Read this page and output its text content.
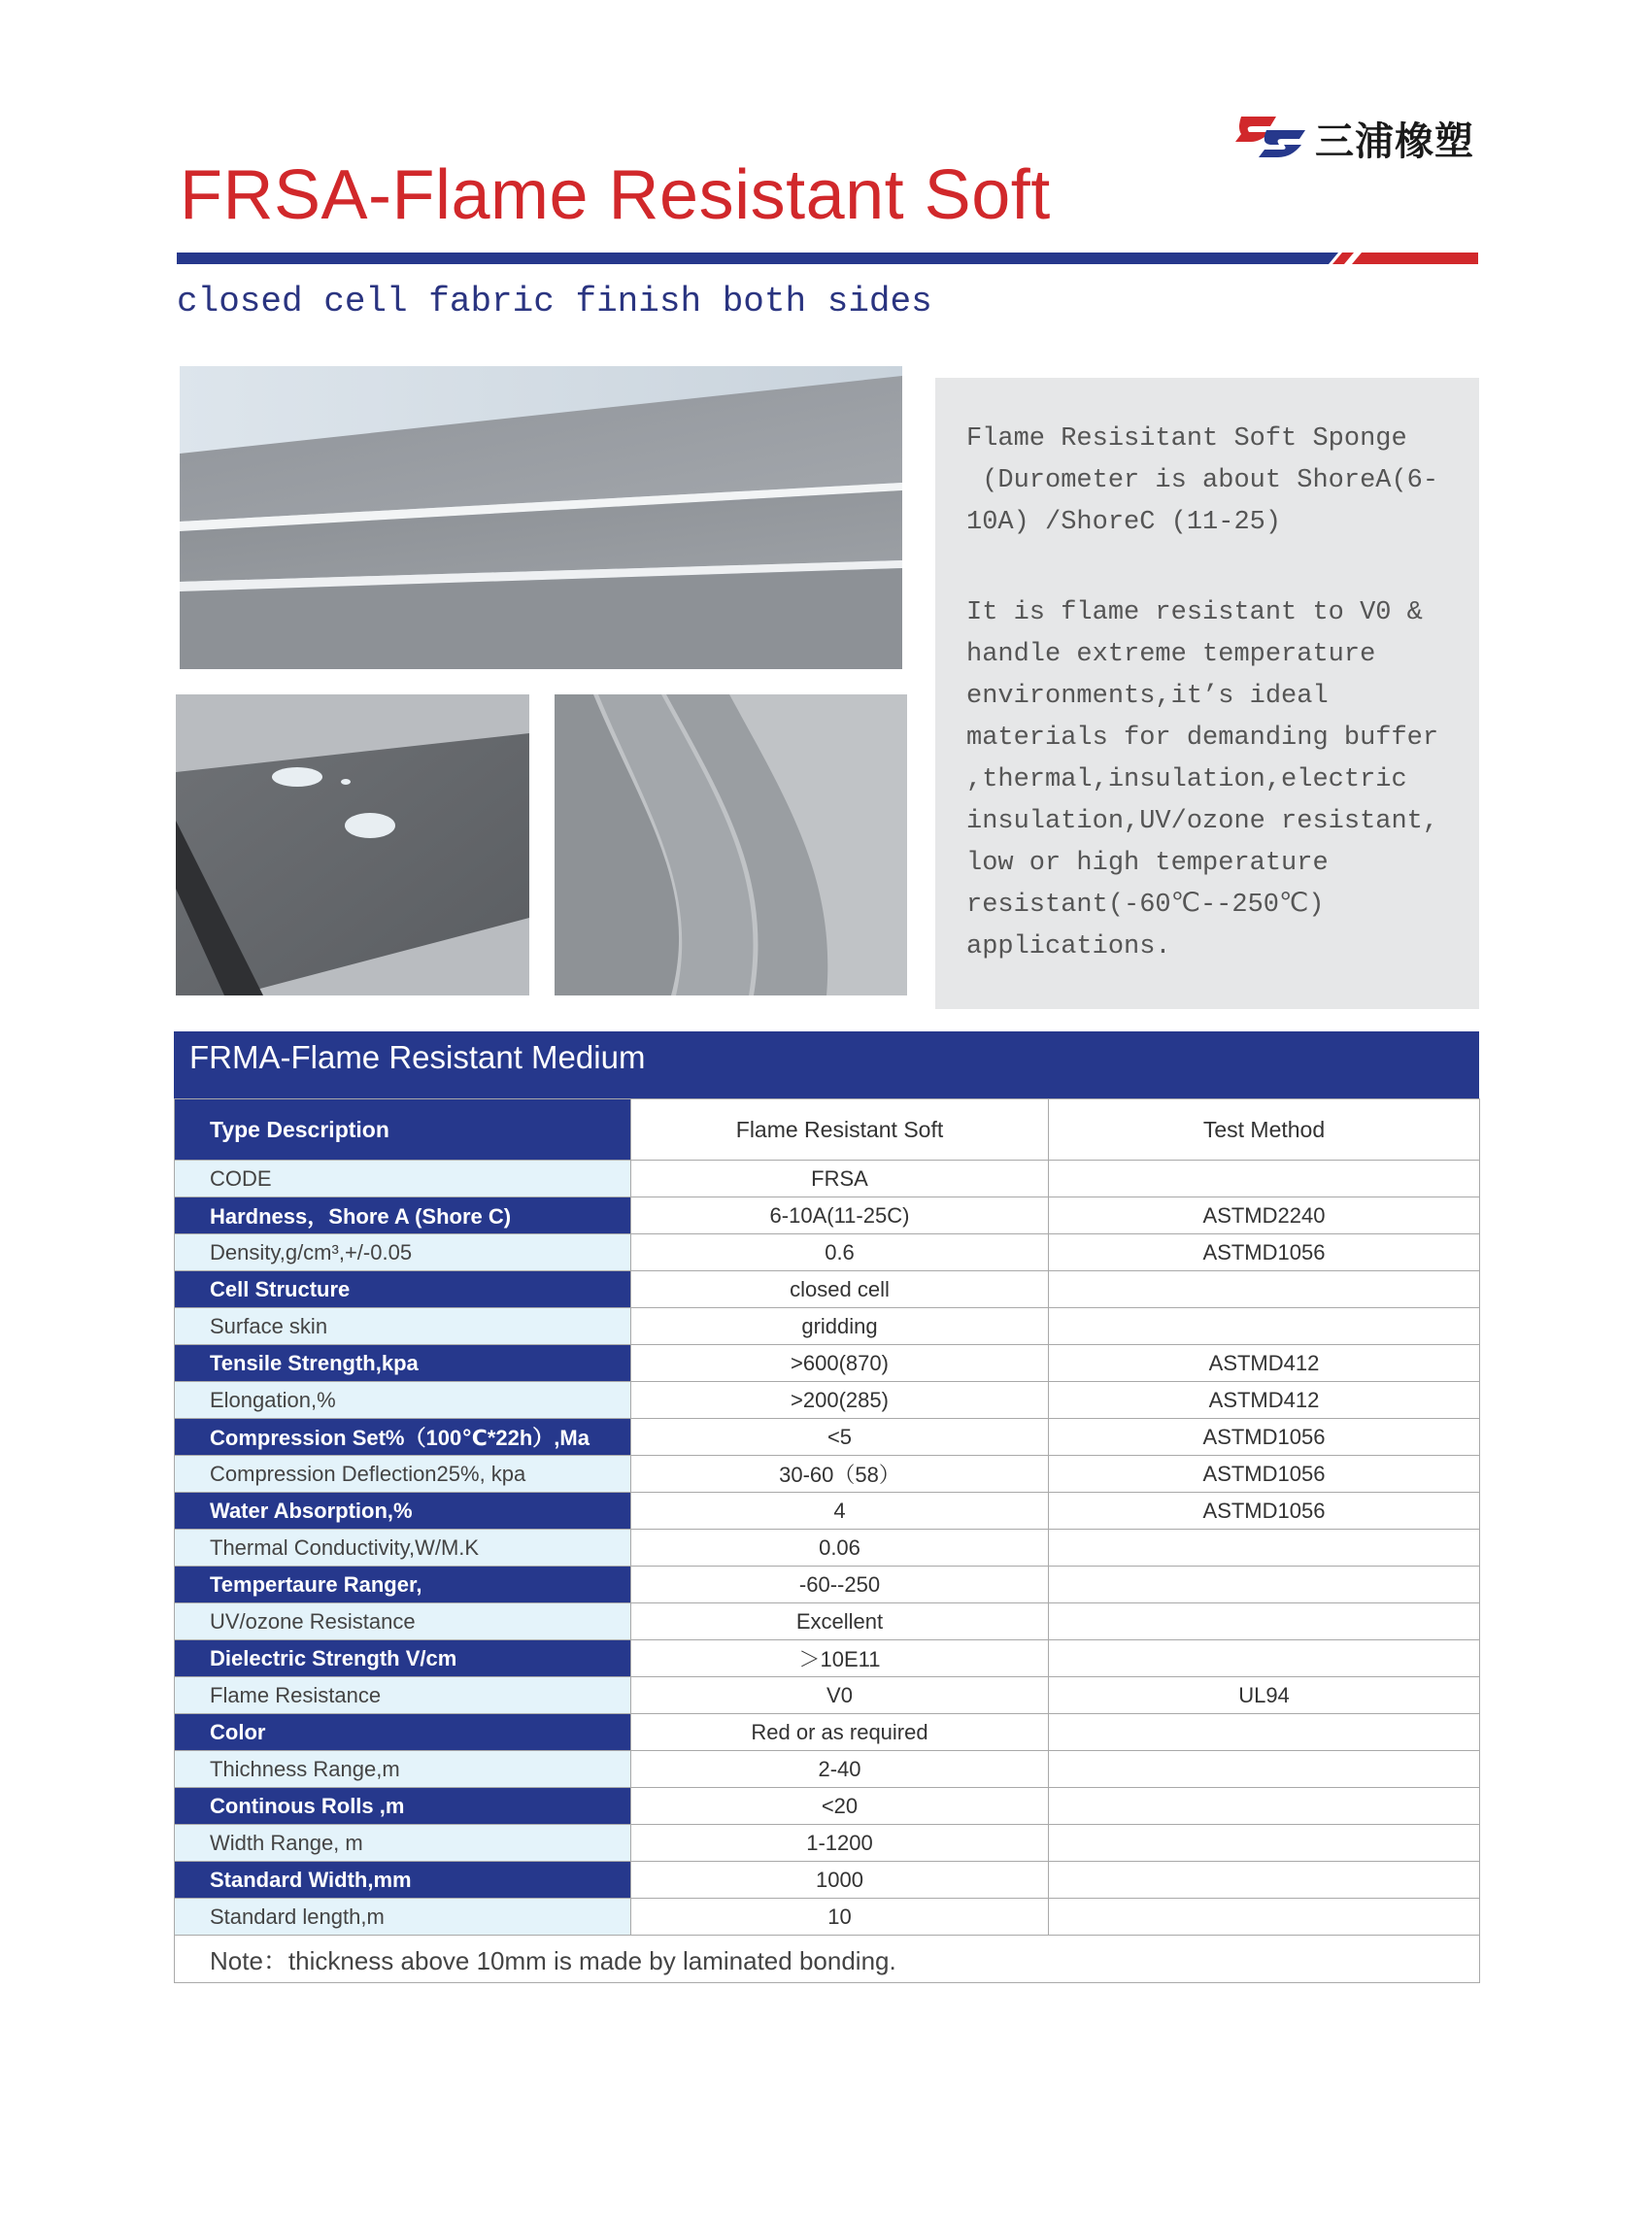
三浦橡塑
FRSA-Flame Resistant Soft
closed cell fabric finish both sides

Flame Resisitant Soft Sponge
(Durometer is about ShoreA(6-
10A) /ShoreC (11-25)

It is flame resistant to V0 &
handle extreme temperature
environments,it’s ideal
materials for demanding buffer
,thermal,insulation,electric
insulation,UV/ozone resistant,
low or high temperature
resistant(-60℃--250℃)
applications.

FRMA-Flame Resistant Medium
Type Description	Flame Resistant Soft	Test Method
CODE	FRSA	
Hardness，Shore A (Shore C)	6-10A(11-25C)	ASTMD2240
Density,g/cm³,+/-0.05	0.6	ASTMD1056
Cell Structure	closed cell	
Surface skin	gridding	
Tensile Strength,kpa	>600(870)	ASTMD412
Elongation,%	>200(285)	ASTMD412
Compression Set%（100℃*22h）,Ma	<5	ASTMD1056
Compression Deflection25%, kpa	30-60（58）	ASTMD1056
Water Absorption,%	4	ASTMD1056
Thermal Conductivity,W/M.K	0.06	
Tempertaure Ranger,	-60--250	
UV/ozone Resistance	Excellent	
Dielectric Strength V/cm	＞10E11	
Flame Resistance	V0	UL94
Color	Red or as required	
Thichness Range,m	2-40	
Continous Rolls ,m	<20	
Width Range, m	1-1200	
Standard Width,mm	1000	
Standard length,m	10	
Note：thickness above 10mm is made by laminated bonding.		
